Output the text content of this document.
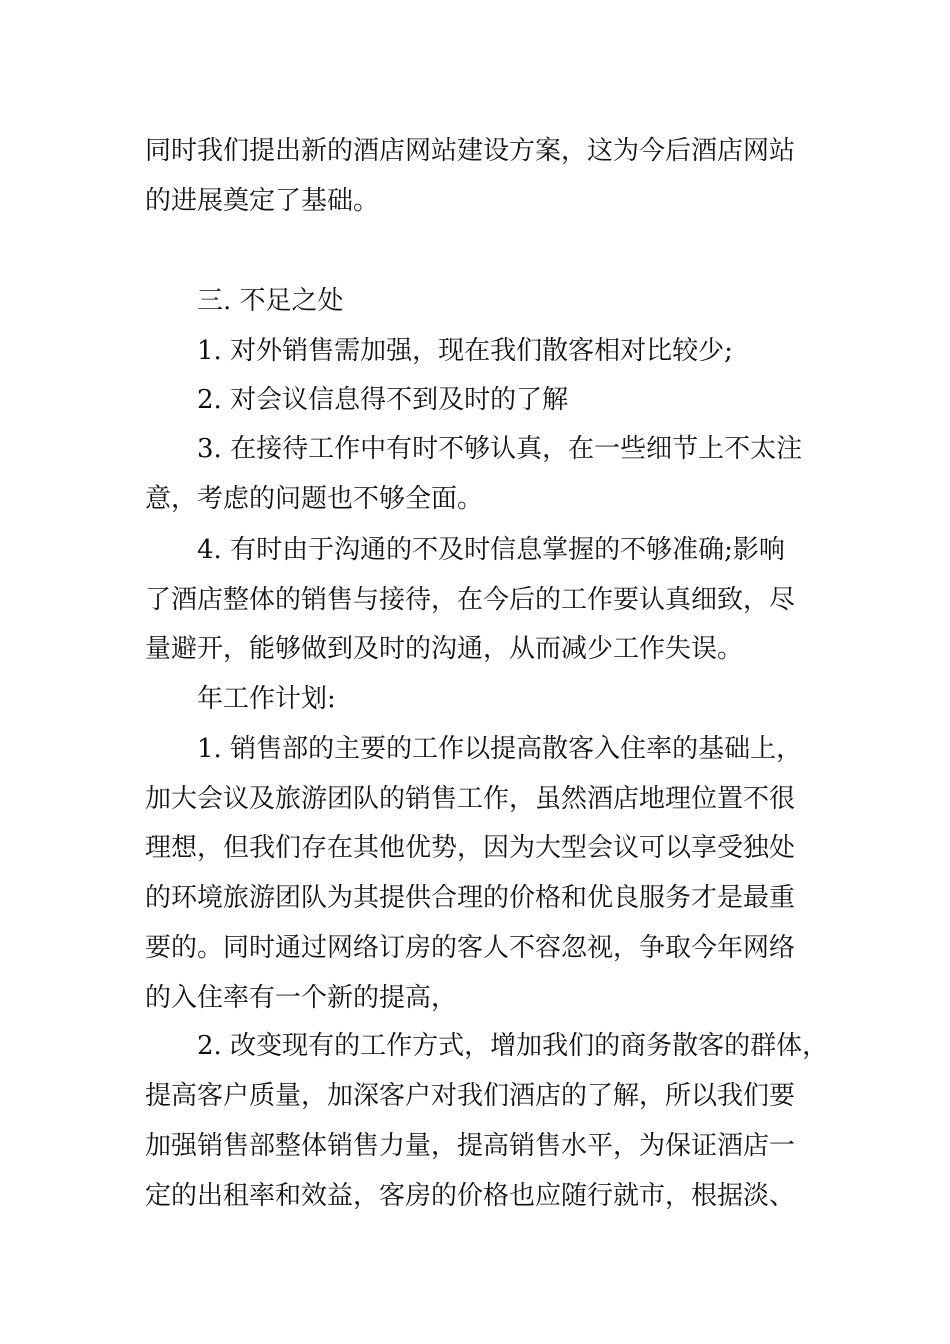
同时我们提出新的酒店网站建设方案，这为今后酒店网站
的进展奠定了基础。
三. 不足之处
1. 对外销售需加强，现在我们散客相对比较少;
2. 对会议信息得不到及时的了解
3. 在接待工作中有时不够认真，在一些细节上不太注
意，考虑的问题也不够全面。
4. 有时由于沟通的不及时信息掌握的不够准确;影响
了酒店整体的销售与接待，在今后的工作要认真细致，尽
量避开，能够做到及时的沟通，从而减少工作失误。
年工作计划:
1. 销售部的主要的工作以提高散客入住率的基础上，
加大会议及旅游团队的销售工作，虽然酒店地理位置不很
理想，但我们存在其他优势，因为大型会议可以享受独处
的环境旅游团队为其提供合理的价格和优良服务才是最重
要的。同时通过网络订房的客人不容忽视，争取今年网络
的入住率有一个新的提高，
2. 改变现有的工作方式，增加我们的商务散客的群体，
提高客户质量，加深客户对我们酒店的了解，所以我们要
加强销售部整体销售力量，提高销售水平，为保证酒店一
定的出租率和效益，客房的价格也应随行就市，根据淡、
